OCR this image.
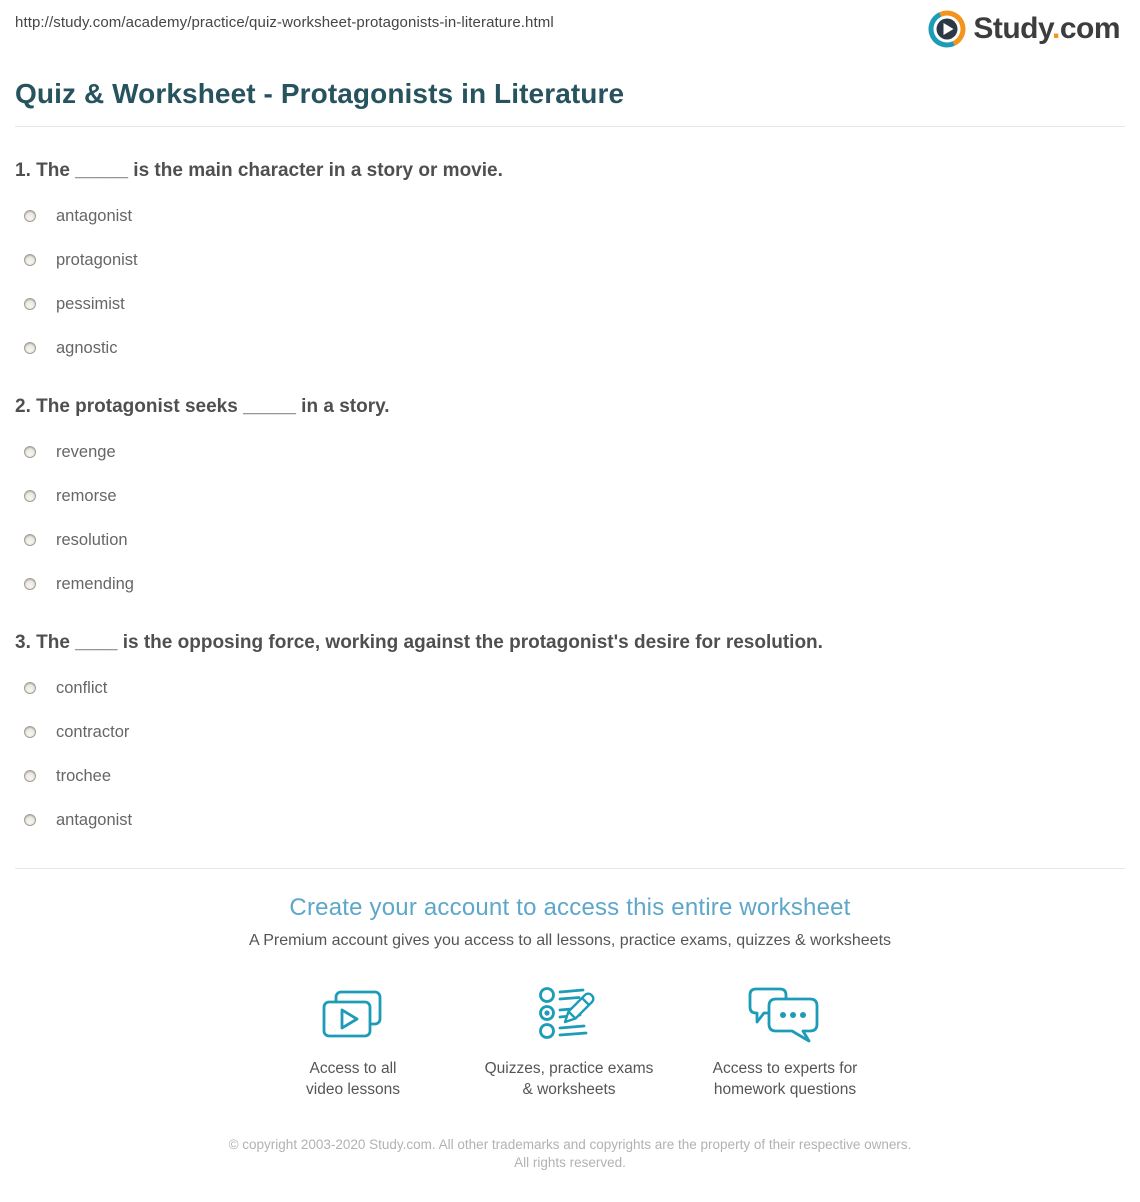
http://study.com/academy/practice/quiz-worksheet-protagonists-in-literature.html	Study.com
Quiz & Worksheet - Protagonists in Literature
1. The _____ is the main character in a story or movie.
antagonist
protagonist
pessimist
agnostic
2. The protagonist seeks _____ in a story.
revenge
remorse
resolution
remending
3. The ____ is the opposing force, working against the protagonist's desire for resolution.
conflict
contractor
trochee
antagonist
Create your account to access this entire worksheet
A Premium account gives you access to all lessons, practice exams, quizzes & worksheets
Access to all
video lessons
Quizzes, practice exams
& worksheets
Access to experts for
homework questions
© copyright 2003-2020 Study.com. All other trademarks and copyrights are the property of their respective owners. All rights reserved.
